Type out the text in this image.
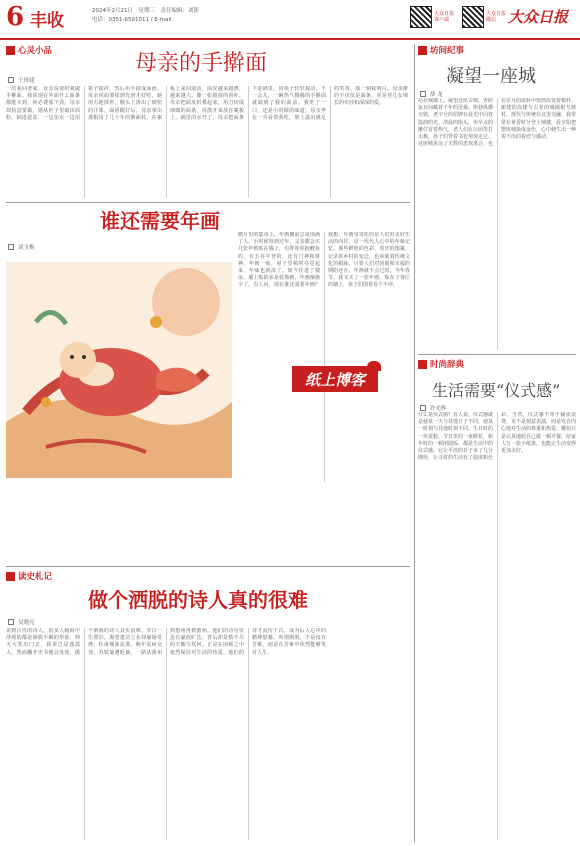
6 丰收	2024年2月21日　星期三　责任编辑：刘影
电话：0351-6591011 / E-mail：
大众日报客户端
大众日报微信 大众日报
心灵小品	母亲的手擀面
王珍建
一次我回老家，母亲说要给我做手擀面。我说现在外面什么面条都能买到，何必费那个劲。母亲却执意要做，她从柜子里取出面粉，倒进瓷盆，一边加水一边用筷子搅拌，然后用手揉成面团。母亲说面要揉到光滑才好吃，她用力地揉着，额头上渗出了细密的汗珠。面团醒好后，母亲拿出那根用了几十年的擀面杖，在案板上来回滚动，面皮越来越薄，越来越大，像一张圆圆的荷叶。母亲把面皮折叠起来，用刀切成细细的面条，抖散开来放在案板上。锅里的水开了，母亲把面条下进锅里，用筷子轻轻搅动。不一会儿，一碗热气腾腾的手擀面就端到了我的面前。我吃了一口，还是小时候的味道。母亲坐在一旁看着我吃，脸上露出满足的笑容。那一刻我明白，母亲擀的不仅仅是面条，更是对儿女绵长的牵挂和深深的爱。
谁还需要年画
刘玉梅
腊月里的集市上，年画摊前总是围满了人。小时候每到过年，父亲都会买几张年画贴在墙上，有胖娃娃抱鲤鱼的，有五谷丰登的，还有门神和财神。年画一贴，屋子里顿时亮堂起来，年味也就浓了。如今住进了楼房，墙上贴的多是装饰画，年画渐渐少了。有人问，现在谁还需要年画？我想，年画里寄托的是人们对美好生活的向往，是一代代人心中的年味记忆。那些鲜艳的色彩、喜庆的图案，记录着乡村的变迁，也承载着传统文化的根脉。只要人们对团圆和幸福的期盼还在，年画就不会过时。今年春节，我又买了一张年画，贴在了客厅的墙上，孩子们围着看个不停。
纸上博客
读史札记
做个洒脱的诗人真的很难
吴晓亮
说到古代的诗人，很多人脑海中浮现的都是洒脱不羁的形象，仰天大笑出门去，我辈岂是蓬蒿人。然而翻开史书便会发现，做个洒脱的诗人其实很难。李白一生漂泊，渴望建功立业却屡屡受挫；杜甫颠沛流离，晚年贫病交加；苏轼屡遭贬谪，一路从黄州到惠州再到儋州。他们的诗句里虽有豪放旷达，背后却是数不尽的辛酸与坎坷。正是在困顿之中依然保持对生活的热爱，他们的诗才流传千古，成为后人心中的精神慰藉。所谓洒脱，不是没有苦难，而是在苦难中依然能够笑对人生。
坊间纪事
凝望一座城
薛 龙
站在城墙上，凝望这座古城，青砖灰瓦间藏着千年的沧桑。街巷纵横交错，老字号的招牌在晨光中闪着温润的光。清晨的街头，卖早点的摊位冒着热气，老人们在公园里打太极，孩子们背着书包匆匆走过。这座城见证了无数的悲欢离合，也在岁月的流转中悄然改变着模样。新建的高楼与古老的城墙相互映衬，现代与传统在这里交融。我常常在黄昏时分登上城楼，看夕阳把整座城染成金色，心中便生出一种说不出的眷恋与感动。
时尚辞典
生活需要“仪式感”
许光辉
什么是仪式感？有人说，仪式感就是使某一天与其他日子不同，使某一时刻与其他时刻不同。生日时的一块蛋糕，节日里的一束鲜花，新年时的一顿团圆饭，都是生活中的仪式感。它让平淡的日子多了几分期待，让寻常的生活有了温度和色彩。当然，仪式感不等于铺张浪费，更不是刻意表演，而是发自内心地对生活的尊重和热爱。哪怕只是认真地给自己做一顿早餐，给家人写一张小纸条，也能让生活变得更加美好。
